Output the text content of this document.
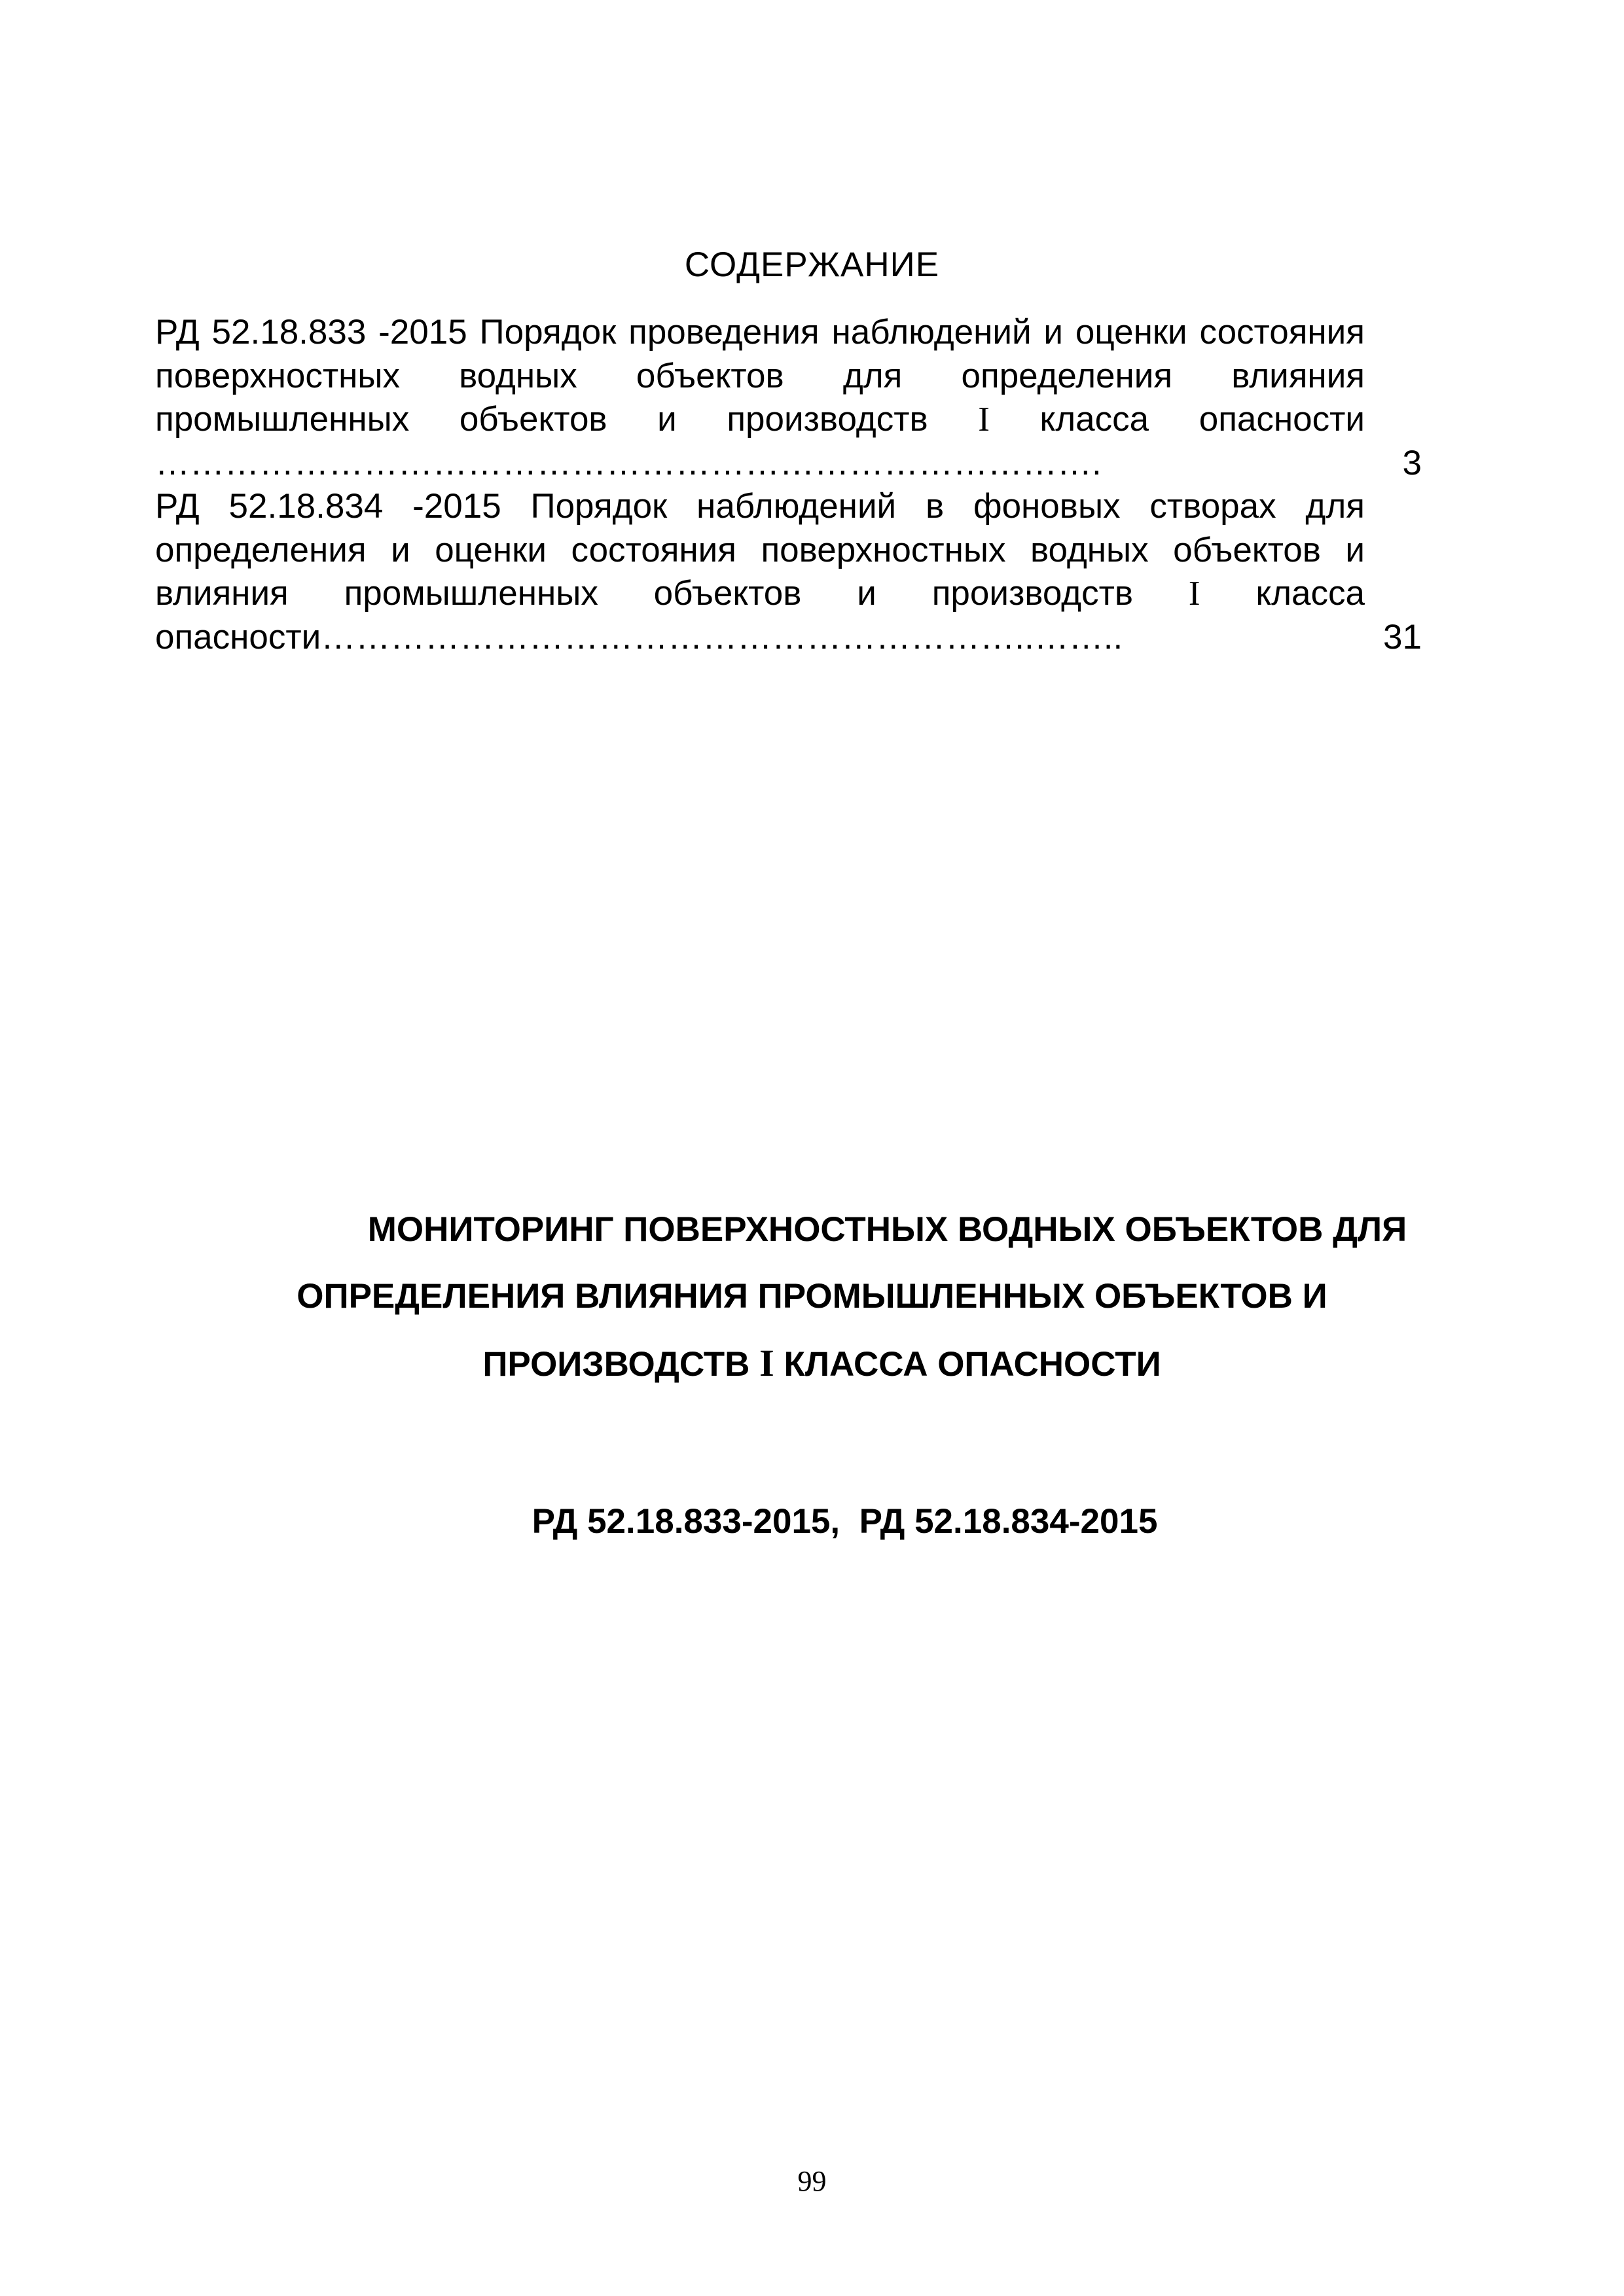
СОДЕРЖАНИЕ
РД 52.18.833 -2015 Порядок проведения наблюдений и оценки состояния поверхностных водных объектов для определения влияния промышленных объектов и производств I класса опасности ……………………………………………………………………….	3
РД 52.18.834 -2015 Порядок наблюдений в фоновых створах для определения и оценки состояния поверхностных водных объектов и влияния промышленных объектов и производств I класса опасности……………………………………………………..……..	31
МОНИТОРИНГ ПОВЕРХНОСТНЫХ ВОДНЫХ ОБЪЕКТОВ ДЛЯ
ОПРЕДЕЛЕНИЯ ВЛИЯНИЯ ПРОМЫШЛЕННЫХ ОБЪЕКТОВ И
ПРОИЗВОДСТВ I КЛАССА ОПАСНОСТИ
РД 52.18.833-2015,  РД 52.18.834-2015
99
